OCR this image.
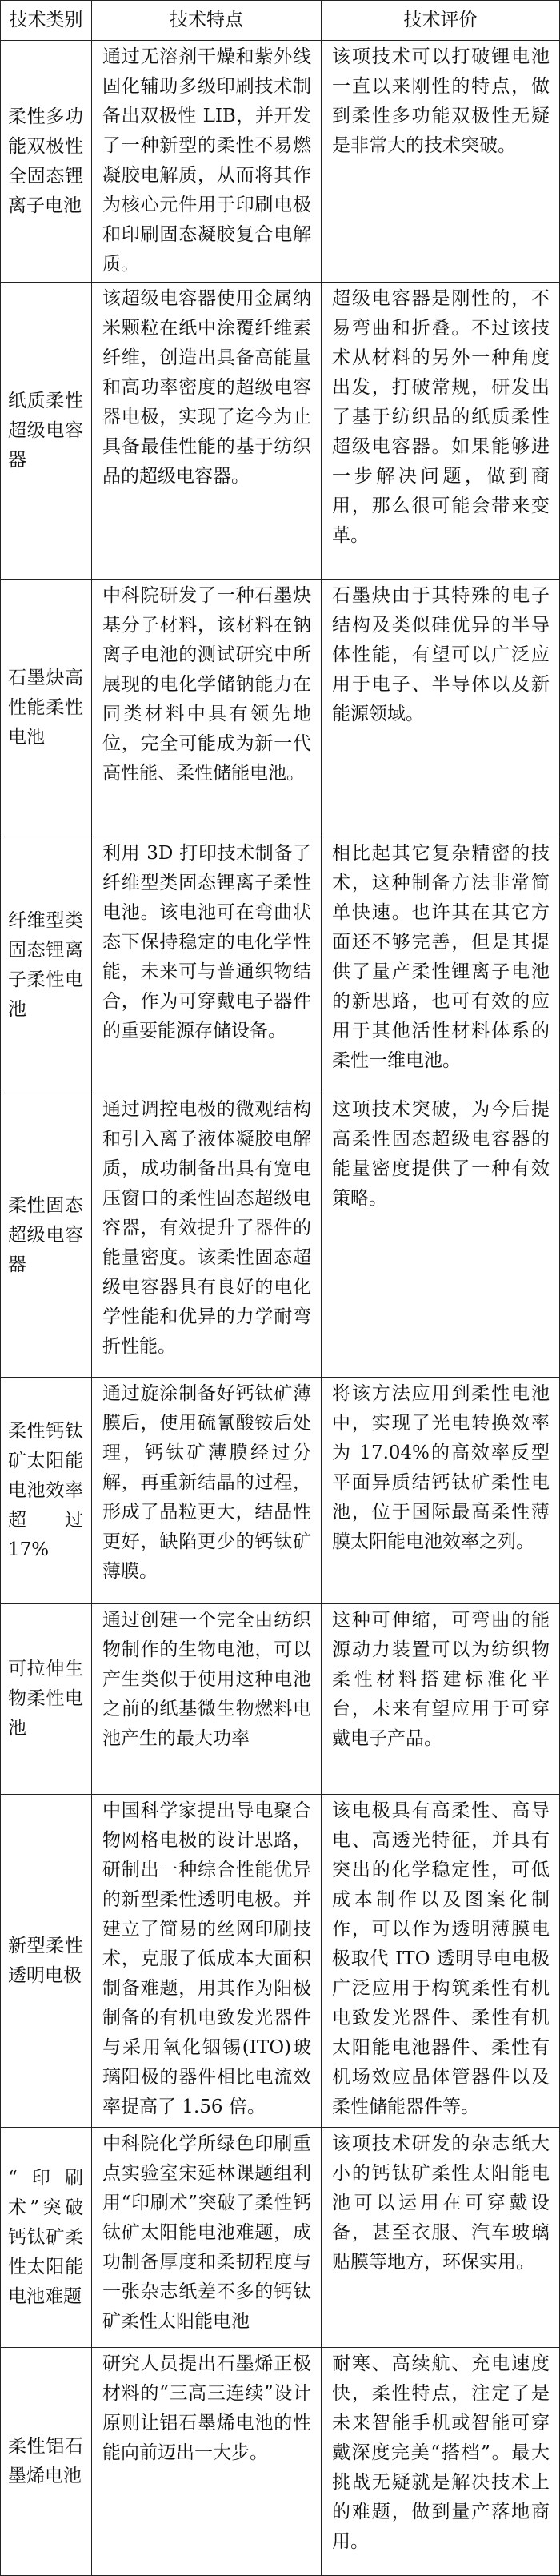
技术类别	技术特点	技术评价
柔性多功能双极性全固态锂离子电池
通过无溶剂干燥和紫外线固化辅助多级印刷技术制备出双极性 LIB，并开发了一种新型的柔性不易燃凝胶电解质，从而将其作为核心元件用于印刷电极和印刷固态凝胶复合电解质。
该项技术可以打破锂电池一直以来刚性的特点，做到柔性多功能双极性无疑是非常大的技术突破。
纸质柔性超级电容器
该超级电容器使用金属纳米颗粒在纸中涂覆纤维素纤维，创造出具备高能量和高功率密度的超级电容器电极，实现了迄今为止具备最佳性能的基于纺织品的超级电容器。
超级电容器是刚性的，不易弯曲和折叠。不过该技术从材料的另外一种角度出发，打破常规，研发出了基于纺织品的纸质柔性超级电容器。如果能够进一步解决问题，做到商用，那么很可能会带来变革。
石墨炔高性能柔性电池
中科院研发了一种石墨炔基分子材料，该材料在钠离子电池的测试研究中所展现的电化学储钠能力在同类材料中具有领先地位，完全可能成为新一代高性能、柔性储能电池。
石墨炔由于其特殊的电子结构及类似硅优异的半导体性能，有望可以广泛应用于电子、半导体以及新能源领域。
纤维型类固态锂离子柔性电池
利用 3D 打印技术制备了纤维型类固态锂离子柔性电池。该电池可在弯曲状态下保持稳定的电化学性能，未来可与普通织物结合，作为可穿戴电子器件的重要能源存储设备。
相比起其它复杂精密的技术，这种制备方法非常简单快速。也许其在其它方面还不够完善，但是其提供了量产柔性锂离子电池的新思路，也可有效的应用于其他活性材料体系的柔性一维电池。
柔性固态超级电容器
通过调控电极的微观结构和引入离子液体凝胶电解质，成功制备出具有宽电压窗口的柔性固态超级电容器，有效提升了器件的能量密度。该柔性固态超级电容器具有良好的电化学性能和优异的力学耐弯折性能。
这项技术突破，为今后提高柔性固态超级电容器的能量密度提供了一种有效策略。
柔性钙钛矿太阳能电池效率超过 17%
通过旋涂制备好钙钛矿薄膜后，使用硫氰酸铵后处理，钙钛矿薄膜经过分解，再重新结晶的过程，形成了晶粒更大，结晶性更好，缺陷更少的钙钛矿薄膜。
将该方法应用到柔性电池中，实现了光电转换效率为 17.04%的高效率反型平面异质结钙钛矿柔性电池，位于国际最高柔性薄膜太阳能电池效率之列。
可拉伸生物柔性电池
通过创建一个完全由纺织物制作的生物电池，可以产生类似于使用这种电池之前的纸基微生物燃料电池产生的最大功率
这种可伸缩，可弯曲的能源动力装置可以为纺织物柔性材料搭建标准化平台，未来有望应用于可穿戴电子产品。
新型柔性透明电极
中国科学家提出导电聚合物网格电极的设计思路，研制出一种综合性能优异的新型柔性透明电极。并建立了简易的丝网印刷技术，克服了低成本大面积制备难题，用其作为阳极制备的有机电致发光器件与采用氧化铟锡(ITO)玻璃阳极的器件相比电流效率提高了 1.56 倍。
该电极具有高柔性、高导电、高透光特征，并具有突出的化学稳定性，可低成本制作以及图案化制作，可以作为透明薄膜电极取代 ITO 透明导电电极广泛应用于构筑柔性有机电致发光器件、柔性有机太阳能电池器件、柔性有机场效应晶体管器件以及柔性储能器件等。
“印刷术”突破钙钛矿柔性太阳能电池难题
中科院化学所绿色印刷重点实验室宋延林课题组利用“印刷术”突破了柔性钙钛矿太阳能电池难题，成功制备厚度和柔韧程度与一张杂志纸差不多的钙钛矿柔性太阳能电池
该项技术研发的杂志纸大小的钙钛矿柔性太阳能电池可以运用在可穿戴设备，甚至衣服、汽车玻璃贴膜等地方，环保实用。
柔性铝石墨烯电池
研究人员提出石墨烯正极材料的“三高三连续”设计原则让铝石墨烯电池的性能向前迈出一大步。
耐寒、高续航、充电速度快，柔性特点，注定了是未来智能手机或智能可穿戴深度完美“搭档”。最大挑战无疑就是解决技术上的难题，做到量产落地商用。
